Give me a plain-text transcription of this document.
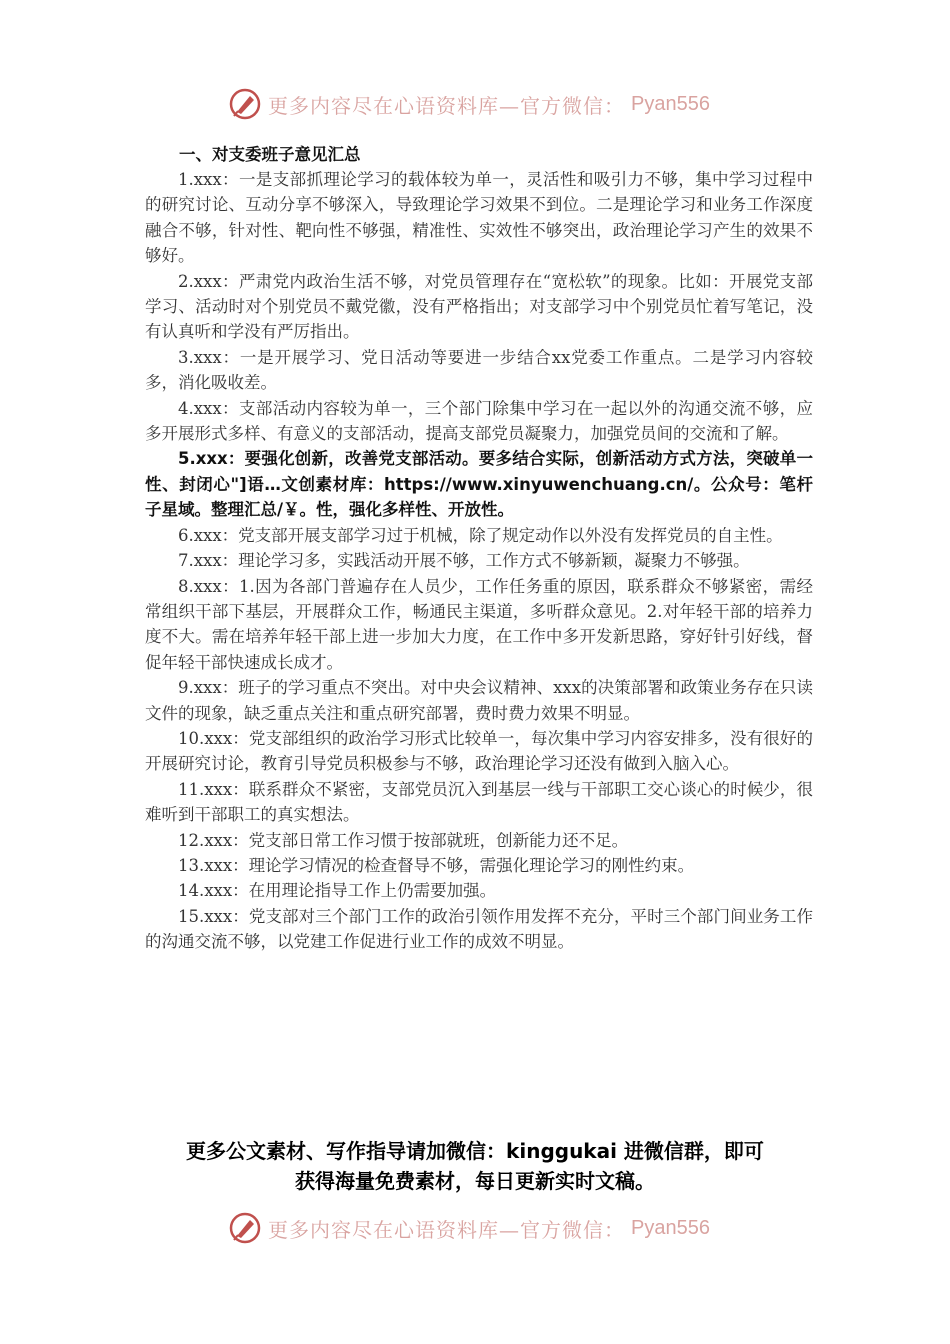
更多内容尽在心语资料库—官方微信： Pyan556
一、对支委班子意见汇总

1.xxx：一是支部抓理论学习的载体较为单一，灵活性和吸引力不够，集中学习过程中的研究讨论、互动分享不够深入，导致理论学习效果不到位。二是理论学习和业务工作深度融合不够，针对性、靶向性不够强，精准性、实效性不够突出，政治理论学习产生的效果不够好。

2.xxx：严肃党内政治生活不够，对党员管理存在“宽松软”的现象。比如：开展党支部学习、活动时对个别党员不戴党徽，没有严格指出；对支部学习中个别党员忙着写笔记，没有认真听和学没有严厉指出。

3.xxx：一是开展学习、党日活动等要进一步结合xx党委工作重点。二是学习内容较多，消化吸收差。

4.xxx：支部活动内容较为单一，三个部门除集中学习在一起以外的沟通交流不够，应多开展形式多样、有意义的支部活动，提高支部党员凝聚力，加强党员间的交流和了解。

5.xxx：要强化创新，改善党支部活动。要多结合实际，创新活动方式方法，突破单一性、封闭心"]语…文创素材库：https://www.xinyuwenchuang.cn/。公众号：笔杆子星域。整理汇总/￥。性，强化多样性、开放性。

6.xxx：党支部开展支部学习过于机械，除了规定动作以外没有发挥党员的自主性。

7.xxx：理论学习多，实践活动开展不够，工作方式不够新颖，凝聚力不够强。

8.xxx：1.因为各部门普遍存在人员少，工作任务重的原因，联系群众不够紧密，需经常组织干部下基层，开展群众工作，畅通民主渠道，多听群众意见。2.对年轻干部的培养力度不大。需在培养年轻干部上进一步加大力度，在工作中多开发新思路，穿好针引好线，督促年轻干部快速成长成才。

9.xxx：班子的学习重点不突出。对中央会议精神、xxx的决策部署和政策业务存在只读文件的现象，缺乏重点关注和重点研究部署，费时费力效果不明显。

10.xxx：党支部组织的政治学习形式比较单一，每次集中学习内容安排多，没有很好的开展研究讨论，教育引导党员积极参与不够，政治理论学习还没有做到入脑入心。

11.xxx：联系群众不紧密，支部党员沉入到基层一线与干部职工交心谈心的时候少，很难听到干部职工的真实想法。

12.xxx：党支部日常工作习惯于按部就班，创新能力还不足。

13.xxx：理论学习情况的检查督导不够，需强化理论学习的刚性约束。

14.xxx：在用理论指导工作上仍需要加强。

15.xxx：党支部对三个部门工作的政治引领作用发挥不充分，平时三个部门间业务工作的沟通交流不够，以党建工作促进行业工作的成效不明显。

更多公文素材、写作指导请加微信：kinggukai 进微信群，即可
获得海量免费素材，每日更新实时文稿。
更多内容尽在心语资料库—官方微信： Pyan556
